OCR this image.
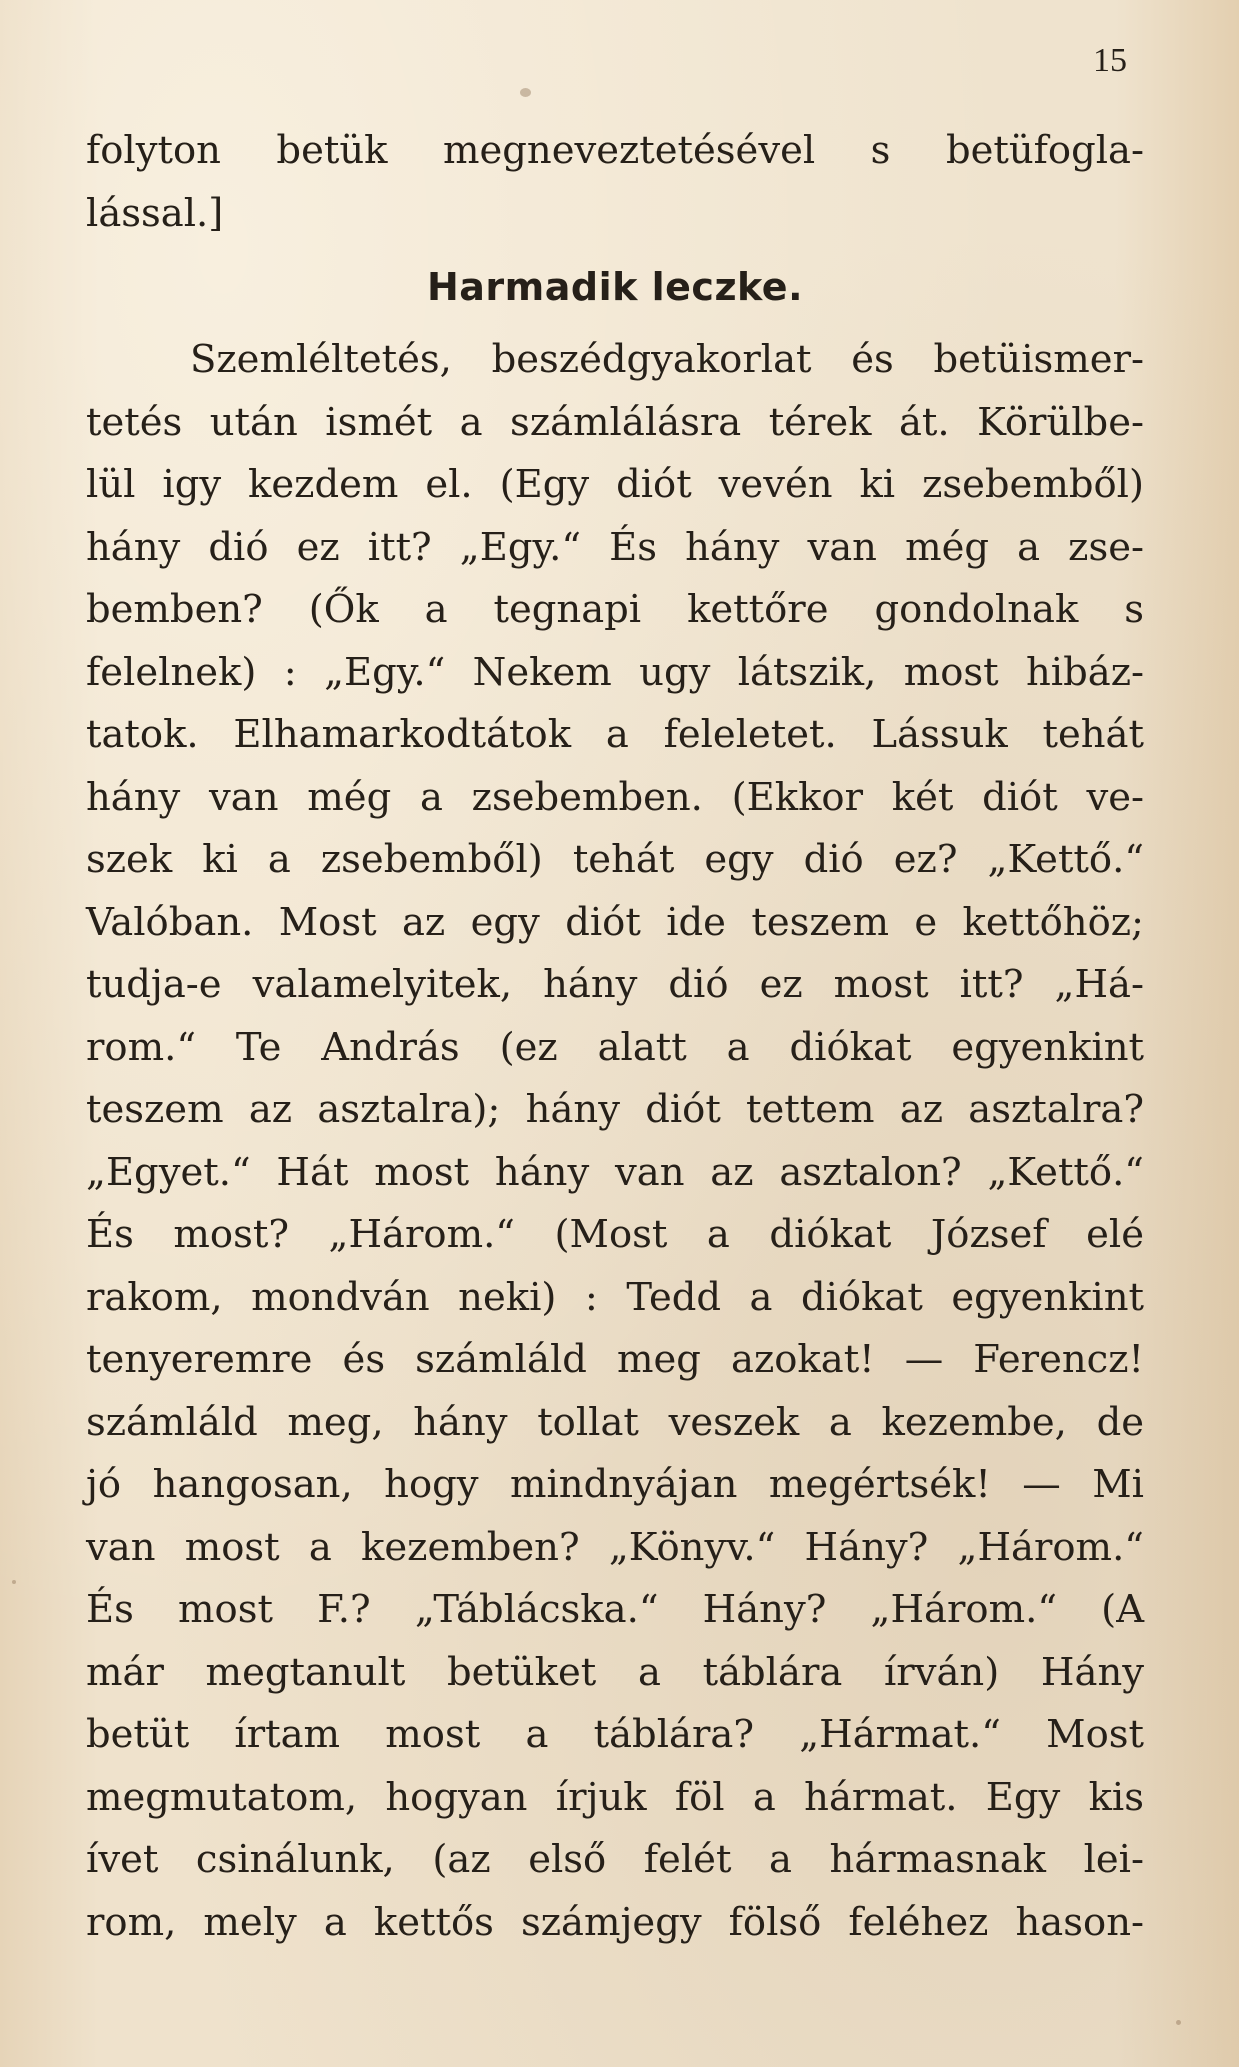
15
folyton betük megneveztetésével s betüfogla-
lással.]
Harmadik leczke.
Szemléltetés, beszédgyakorlat és betüismer-
tetés után ismét a számlálásra térek át. Körülbe-
lül igy kezdem el. (Egy diót vevén ki zsebemből)
hány dió ez itt? „Egy.“ És hány van még a zse-
bemben? (Ők a tegnapi kettőre gondolnak s
felelnek) : „Egy.“ Nekem ugy látszik, most hibáz-
tatok. Elhamarkodtátok a feleletet. Lássuk tehát
hány van még a zsebemben. (Ekkor két diót ve-
szek ki a zsebemből) tehát egy dió ez? „Kettő.“
Valóban. Most az egy diót ide teszem e kettőhöz;
tudja-e valamelyitek, hány dió ez most itt? „Há-
rom.“ Te András (ez alatt a diókat egyenkint
teszem az asztalra); hány diót tettem az asztalra?
„Egyet.“ Hát most hány van az asztalon? „Kettő.“
És most? „Három.“ (Most a diókat József elé
rakom, mondván neki) : Tedd a diókat egyenkint
tenyeremre és számláld meg azokat! — Ferencz!
számláld meg, hány tollat veszek a kezembe, de
jó hangosan, hogy mindnyájan megértsék! — Mi
van most a kezemben? „Könyv.“ Hány? „Három.“
És most F.? „Táblácska.“ Hány? „Három.“ (A
már megtanult betüket a táblára írván) Hány
betüt írtam most a táblára? „Hármat.“ Most
megmutatom, hogyan írjuk föl a hármat. Egy kis
ívet csinálunk, (az első felét a hármasnak lei-
rom, mely a kettős számjegy fölső feléhez hason-
